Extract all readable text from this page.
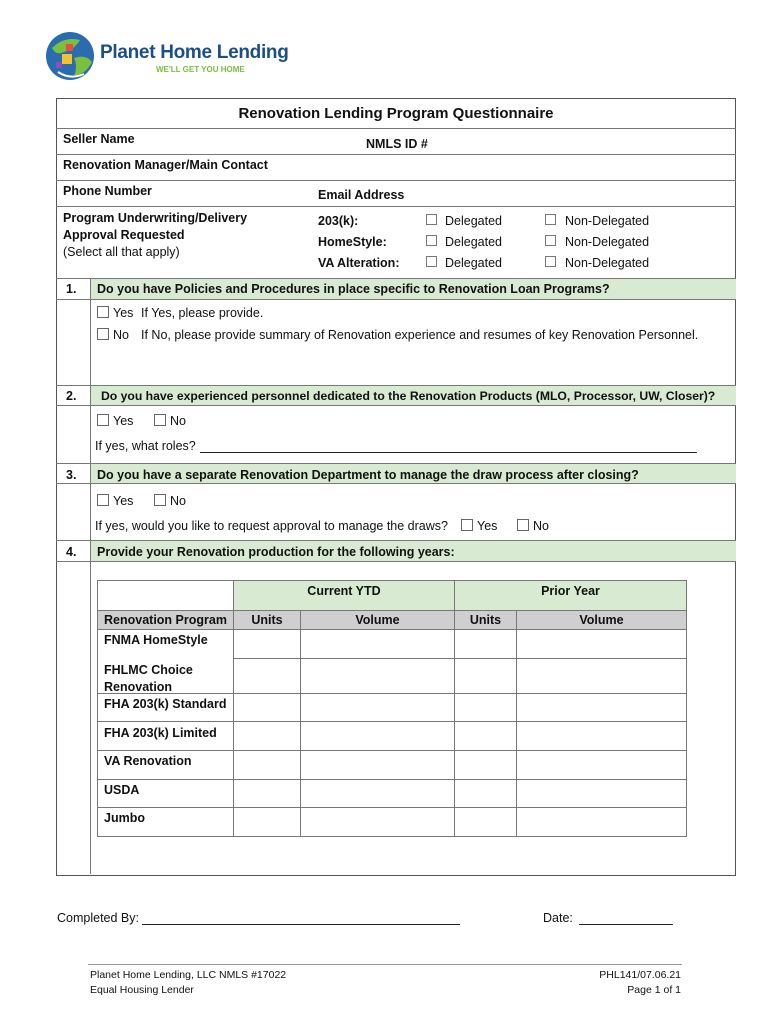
Planet Home Lending
WE'LL GET YOU HOME
Renovation Lending Program Questionnaire
Seller Name	NMLS ID #
Renovation Manager/Main Contact
Phone Number	Email Address
Program Underwriting/Delivery
Approval Requested
(Select all that apply)
203(k):	Delegated	Non-Delegated
HomeStyle:	Delegated	Non-Delegated
VA Alteration:	Delegated	Non-Delegated
1. Do you have Policies and Procedures in place specific to Renovation Loan Programs?
Yes If Yes, please provide.
No If No, please provide summary of Renovation experience and resumes of key Renovation Personnel.
2. Do you have experienced personnel dedicated to the Renovation Products (MLO, Processor, UW, Closer)?
Yes	No
If yes, what roles?
3. Do you have a separate Renovation Department to manage the draw process after closing?
Yes	No
If yes, would you like to request approval to manage the draws?	Yes	No
4. Provide your Renovation production for the following years:
Current YTD	Prior Year
Renovation Program	Units	Volume	Units	Volume
FNMA HomeStyle
FHLMC Choice Renovation
FHA 203(k) Standard
FHA 203(k) Limited
VA Renovation
USDA
Jumbo
Completed By:	Date:
Planet Home Lending, LLC NMLS #17022
Equal Housing Lender
PHL141/07.06.21
Page 1 of 1
